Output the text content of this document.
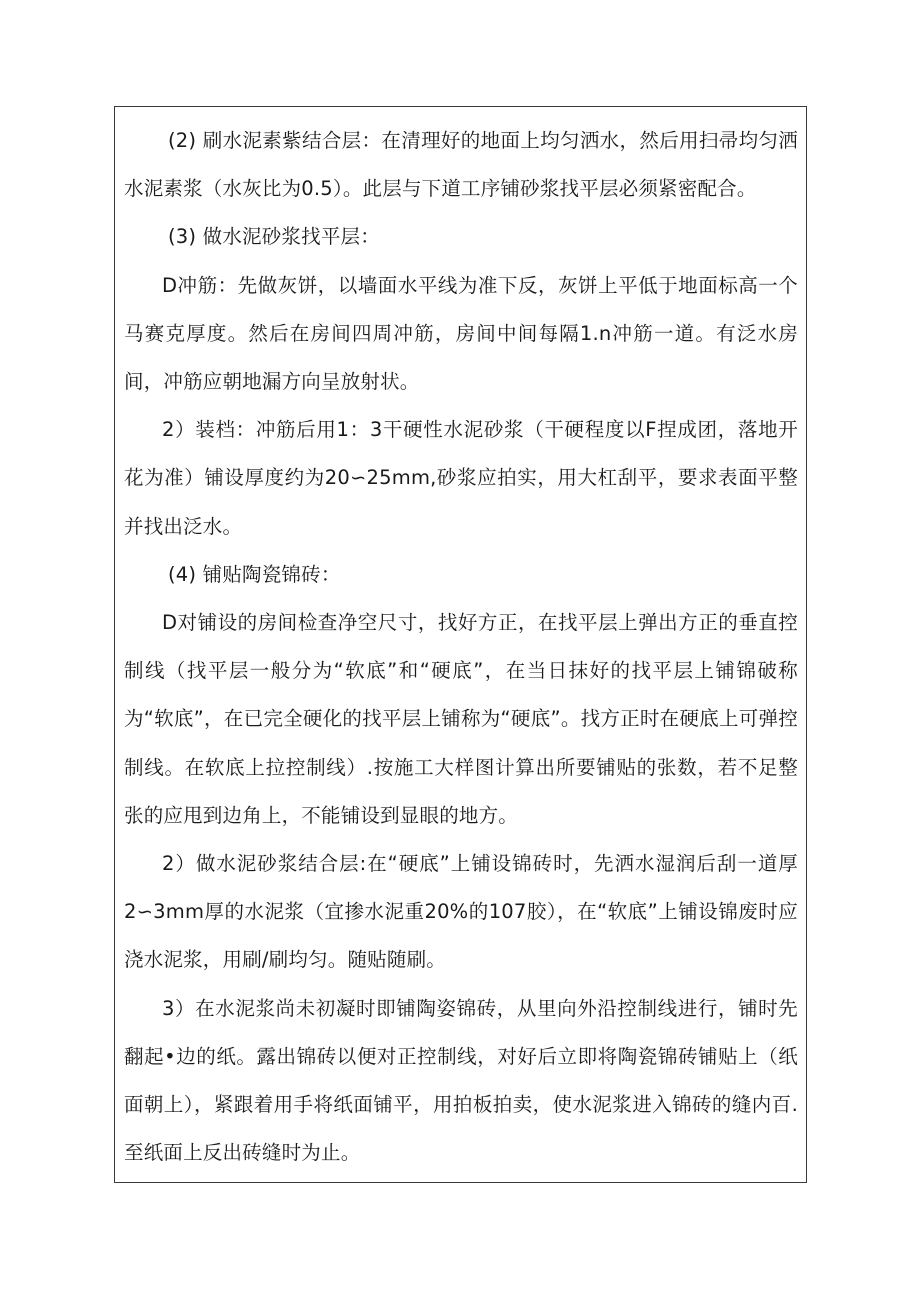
(2) 刷水泥素紫结合层：在清理好的地面上均匀洒水，然后用扫帚均匀洒水泥素浆（水灰比为0.5）。此层与下道工序铺砂浆找平层必须紧密配合。

(3) 做水泥砂浆找平层：

D冲筋：先做灰饼，以墙面水平线为准下反，灰饼上平低于地面标高一个马赛克厚度。然后在房间四周冲筋，房间中间每隔1.n冲筋一道。有泛水房间，冲筋应朝地漏方向呈放射状。

2）装档：冲筋后用1：3干硬性水泥砂浆（干硬程度以F捏成团，落地开花为准）铺设厚度约为20∽25mm,砂浆应拍实，用大杠刮平，要求表面平整并找出泛水。

(4) 铺贴陶瓷锦砖：

D对铺设的房间检查净空尺寸，找好方正，在找平层上弹出方正的垂直控制线（找平层一般分为“软底”和“硬底”，在当日抹好的找平层上铺锦破称为“软底”，在已完全硬化的找平层上铺称为“硬底”。找方正时在硬底上可弹控制线。在软底上拉控制线）.按施工大样图计算出所要铺贴的张数，若不足整张的应甩到边角上，不能铺设到显眼的地方。

2）做水泥砂浆结合层:在“硬底”上铺设锦砖时，先洒水湿润后刮一道厚2∽3mm厚的水泥浆（宜掺水泥重20%的107胶），在“软底”上铺设锦废时应浇水泥浆，用刷/刷均匀。随贴随刷。

3）在水泥浆尚未初凝时即铺陶姿锦砖，从里向外沿控制线进行，铺时先翻起•边的纸。露出锦砖以便对正控制线，对好后立即将陶瓷锦砖铺贴上（纸面朝上），紧跟着用手将纸面铺平，用拍板拍卖，使水泥浆进入锦砖的缝内百.至纸面上反出砖缝时为止。
